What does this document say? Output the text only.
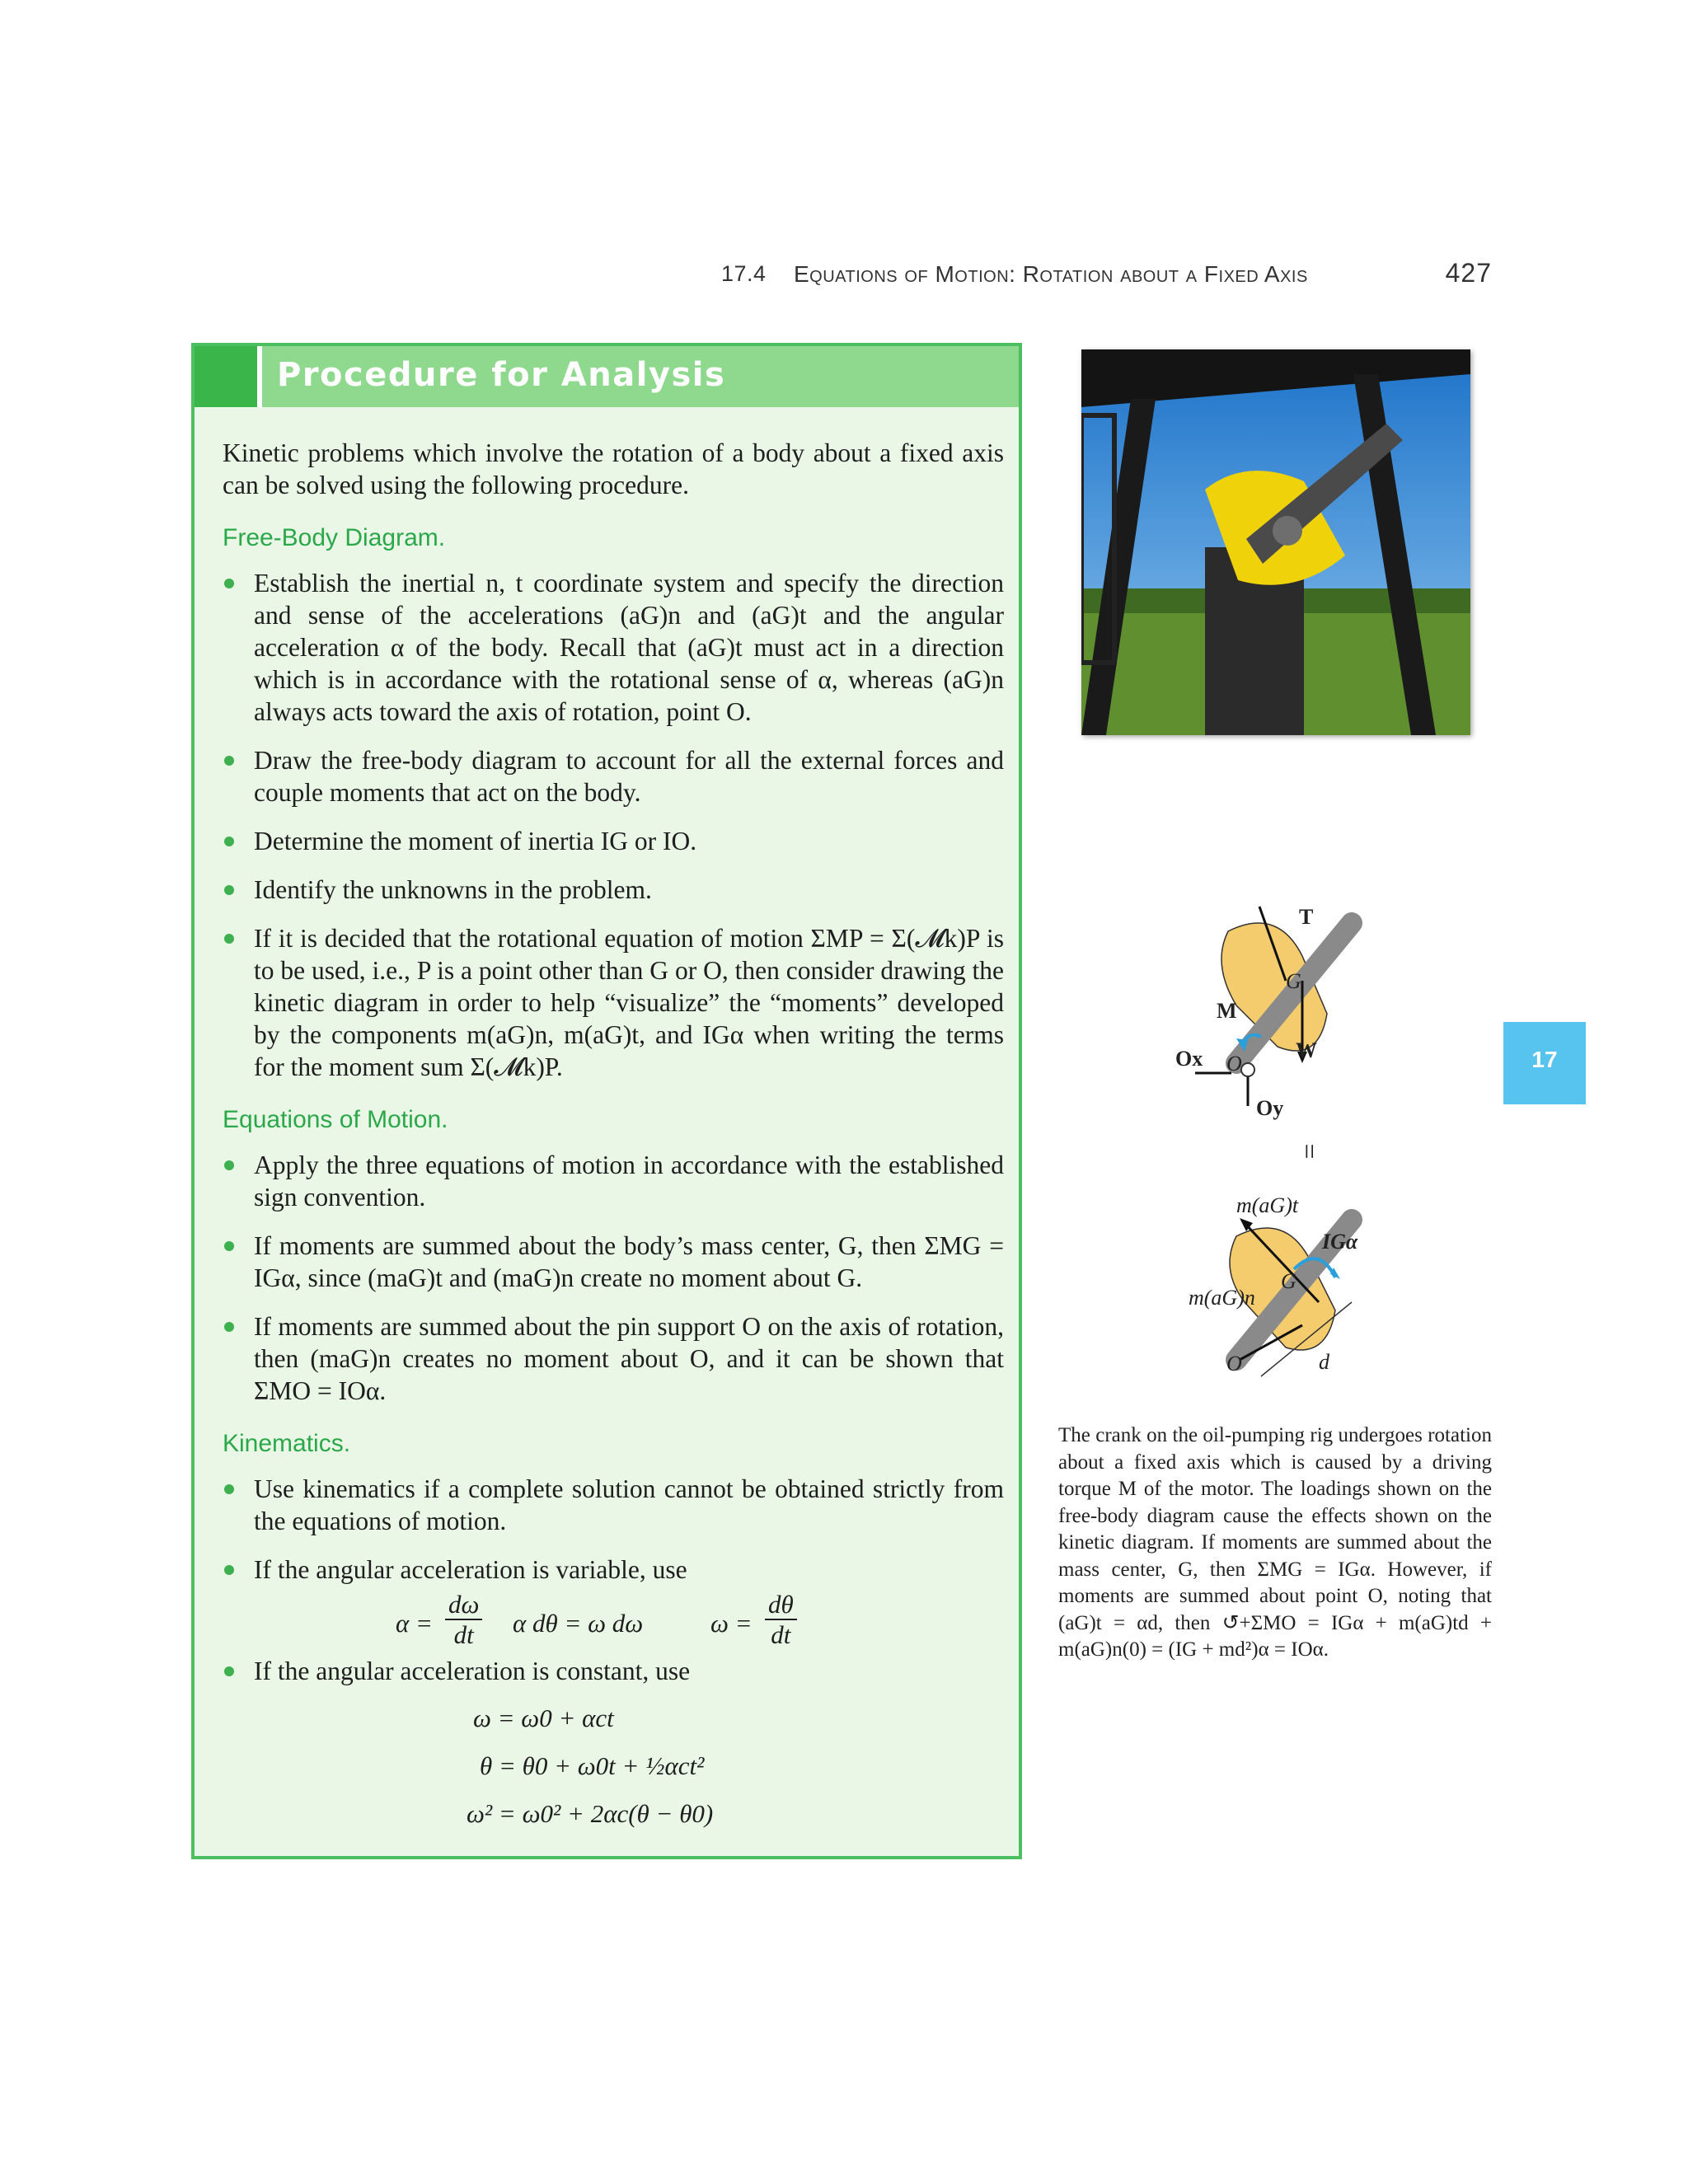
17.4 Equations of Motion: Rotation about a Fixed Axis	427
Procedure for Analysis

Kinetic problems which involve the rotation of a body about a fixed axis can be solved using the following procedure.

Free-Body Diagram.

Establish the inertial n, t coordinate system and specify the direction and sense of the accelerations (aG)n and (aG)t and the angular acceleration α of the body. Recall that (aG)t must act in a direction which is in accordance with the rotational sense of α, whereas (aG)n always acts toward the axis of rotation, point O.

Draw the free-body diagram to account for all the external forces and couple moments that act on the body.

Determine the moment of inertia IG or IO.

Identify the unknowns in the problem.

If it is decided that the rotational equation of motion ΣMP = Σ(𝓜k)P is to be used, i.e., P is a point other than G or O, then consider drawing the kinetic diagram in order to help “visualize” the “moments” developed by the components m(aG)n, m(aG)t, and IGα when writing the terms for the moment sum Σ(𝓜k)P.

Equations of Motion.

Apply the three equations of motion in accordance with the established sign convention.

If moments are summed about the body’s mass center, G, then ΣMG = IGα, since (maG)t and (maG)n create no moment about G.

If moments are summed about the pin support O on the axis of rotation, then (maG)n creates no moment about O, and it can be shown that ΣMO = IOα.

Kinematics.

Use kinematics if a complete solution cannot be obtained strictly from the equations of motion.

If the angular acceleration is variable, use

$\alpha = \frac{d\omega}{dt}$ α dθ = ω dω	$\omega = \frac{d\theta}{dt}$

If the angular acceleration is constant, use

ω = ω0 + αct
θ = θ0 + ω0t + ½αct²
ω² = ω0² + 2αc(θ − θ0)
T
M
G
W
Ox O
Oy
=
m(aG)t
IGα
m(aG)n
G
O	d

The crank on the oil-pumping rig undergoes rotation about a fixed axis which is caused by a driving torque M of the motor. The loadings shown on the free-body diagram cause the effects shown on the kinetic diagram. If moments are summed about the mass center, G, then ΣMG = IGα. However, if moments are summed about point O, noting that (aG)t = αd, then ↺+ΣMO = IGα + m(aG)td + m(aG)n(0) = (IG + md²)α = IOα.

17
